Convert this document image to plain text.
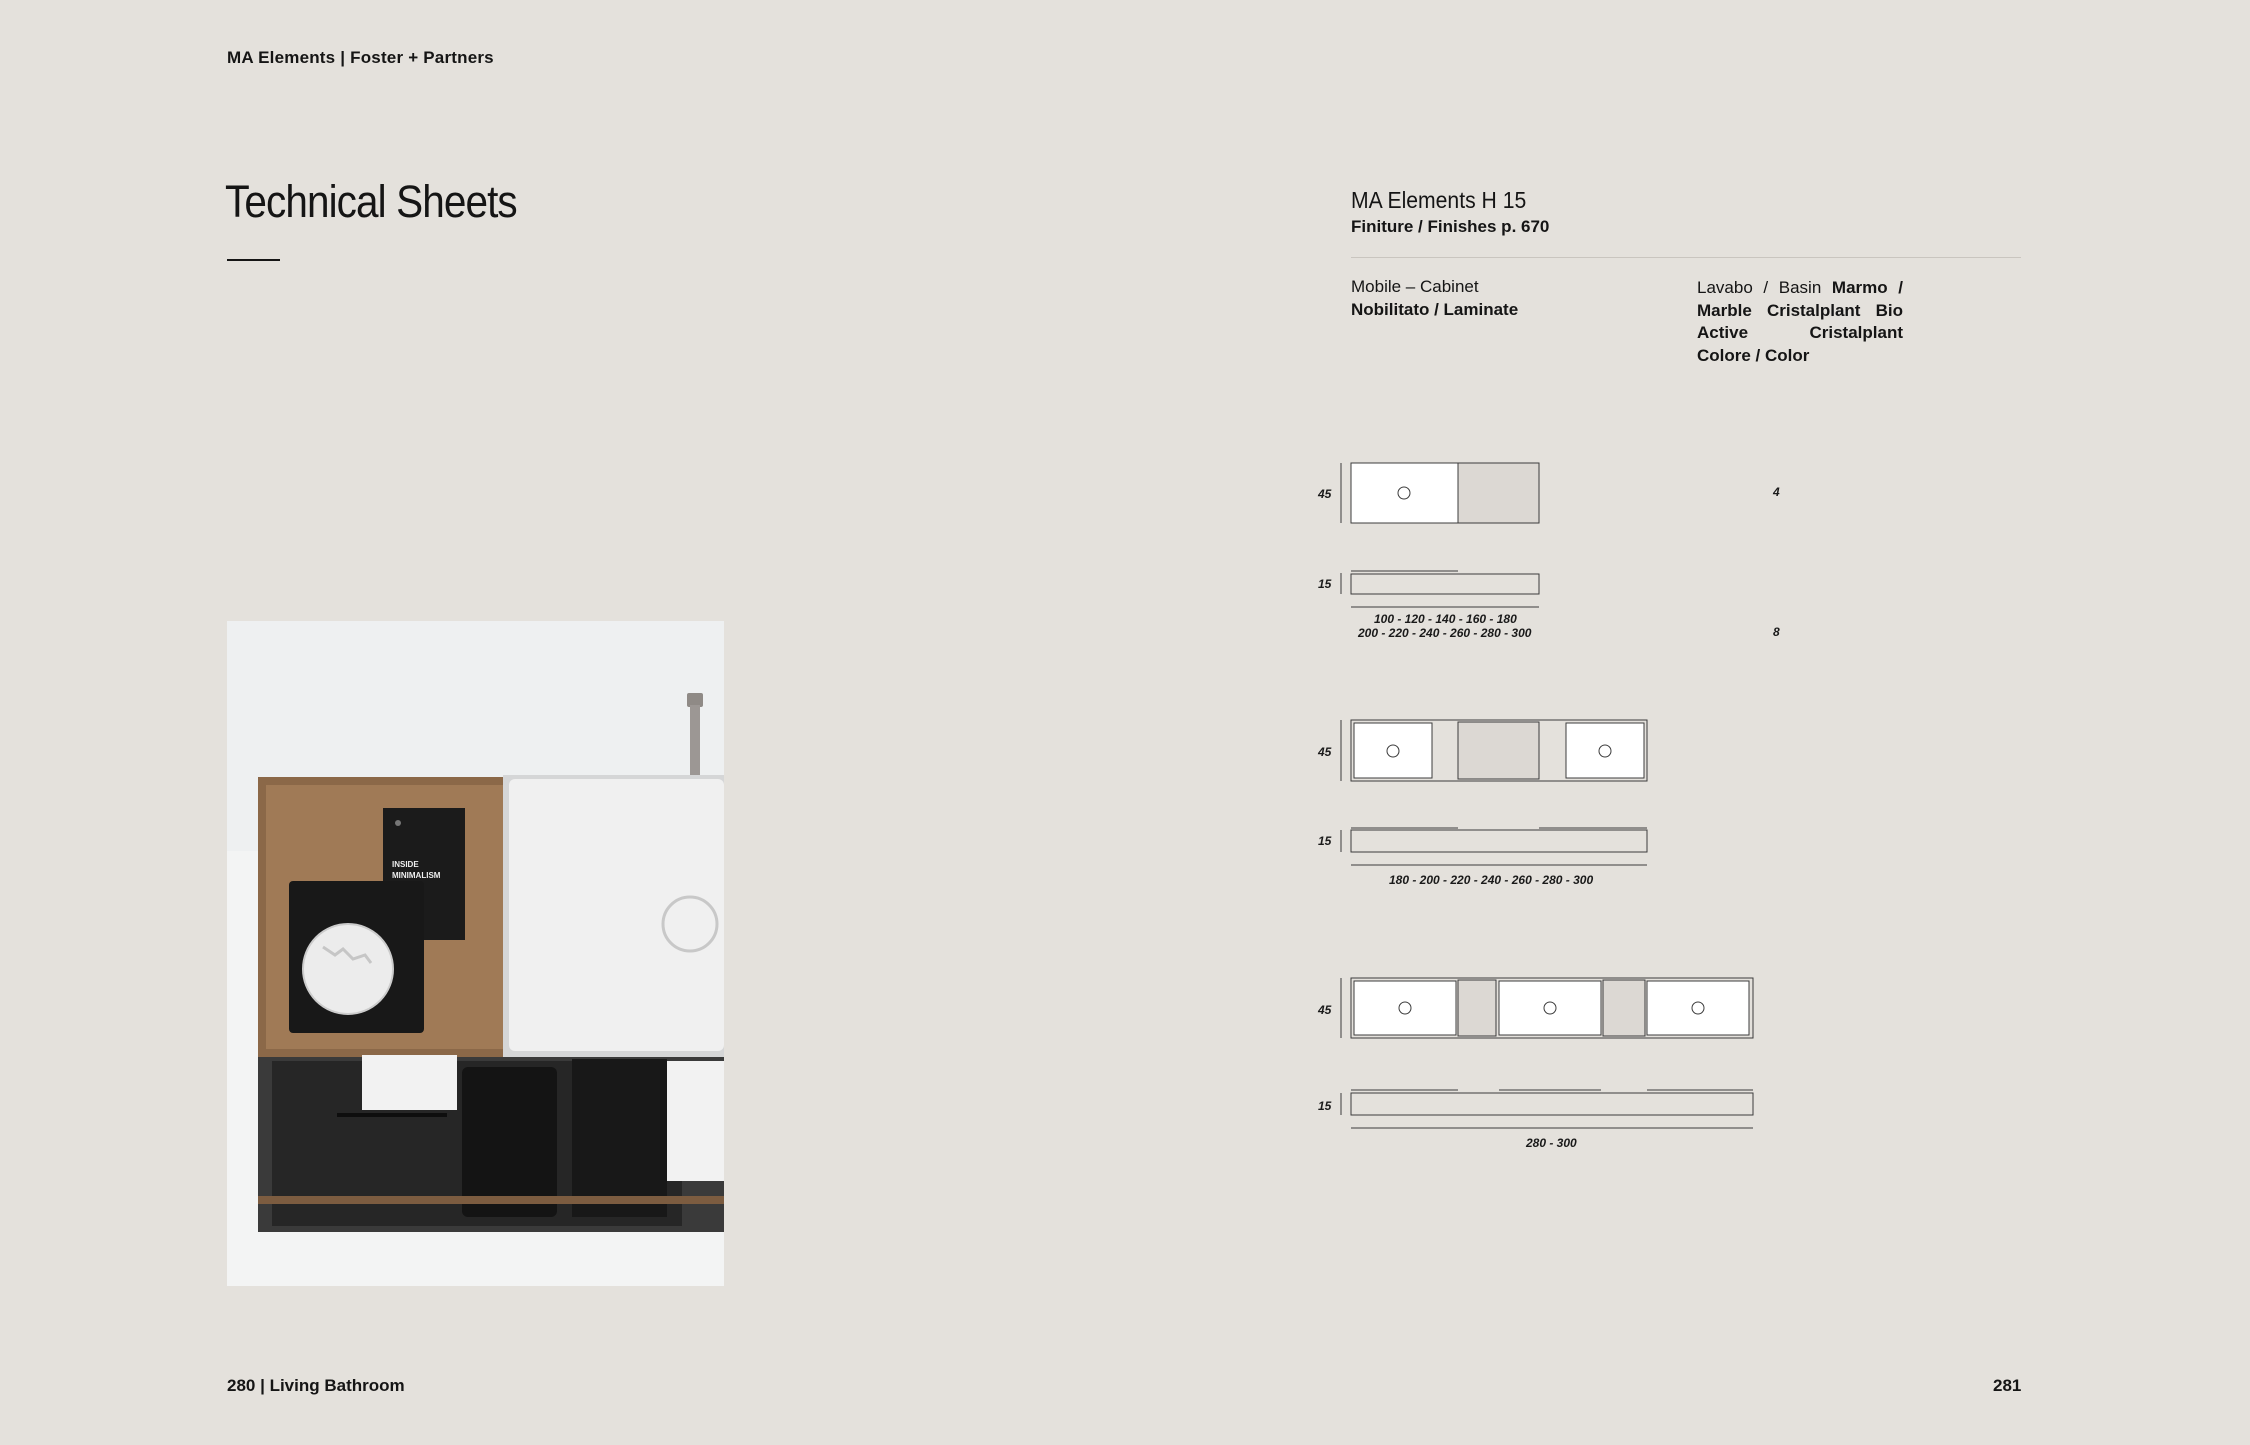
MA Elements | Foster + Partners
Technical Sheets	MA Elements H 15
Finiture / Finishes p. 670
Mobile – Cabinet
Nobilitato / Laminate
Lavabo / Basin Marmo / Marble Cristalplant Bio Active	Cristalplant Colore / Color
INSIDE
MINIMALISM
45
15
100 - 120 - 140 - 160 - 180
200 - 220 - 240 - 260 - 280 - 300
4
8
45
15
180 - 200 - 220 - 240 - 260 - 280 - 300
45
15
280 - 300
280 | Living Bathroom	281
